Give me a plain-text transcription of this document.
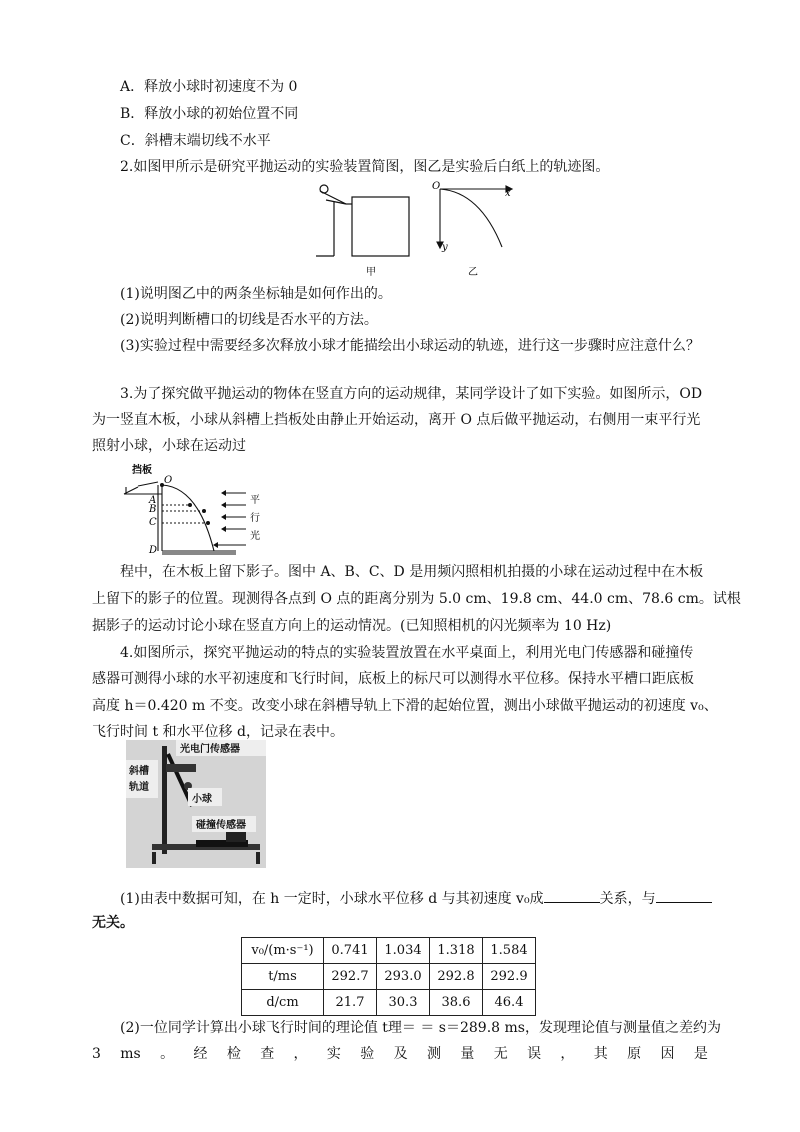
A．释放小球时初速度不为 0
B．释放小球的初始位置不同
C．斜槽末端切线不水平
2.如图甲所示是研究平抛运动的实验装置简图，图乙是实验后白纸上的轨迹图。
O
x
y
甲	乙
(1)说明图乙中的两条坐标轴是如何作出的。
(2)说明判断槽口的切线是否水平的方法。
(3)实验过程中需要经多次释放小球才能描绘出小球运动的轨迹，进行这一步骤时应注意什么？
3.为了探究做平抛运动的物体在竖直方向的运动规律，某同学设计了如下实验。如图所示，OD
为一竖直木板，小球从斜槽上挡板处由静止开始运动，离开 O 点后做平抛运动，右侧用一束平行光
照射小球，小球在运动过
挡板
O
A
B
C
D
平
行
光
程中，在木板上留下影子。图中 A、B、C、D 是用频闪照相机拍摄的小球在运动过程中在木板
上留下的影子的位置。现测得各点到 O 点的距离分别为 5.0 cm、19.8 cm、44.0 cm、78.6 cm。试根
据影子的运动讨论小球在竖直方向上的运动情况。(已知照相机的闪光频率为 10 Hz)
4.如图所示，探究平抛运动的特点的实验装置放置在水平桌面上，利用光电门传感器和碰撞传
感器可测得小球的水平初速度和飞行时间，底板上的标尺可以测得水平位移。保持水平槽口距底板
高度 h＝0.420 m 不变。改变小球在斜槽导轨上下滑的起始位置，测出小球做平抛运动的初速度 v₀、
飞行时间 t 和水平位移 d，记录在表中。
光电门传感器
斜槽
轨道
小球
碰撞传感器
(1)由表中数据可知，在 h 一定时，小球水平位移 d 与其初速度 v₀成	关系，与
无关。
v₀/(m·s⁻¹)	0.741	1.034	1.318	1.584
t/ms	292.7	293.0	292.8	292.9
d/cm	21.7	30.3	38.6	46.4
(2)一位同学计算出小球飞行时间的理论值 t理＝ ＝ s＝289.8 ms，发现理论值与测量值之差约为
3 ms 。 经 检 查 ， 实 验 及 测 量 无 误 ， 其 原 因 是
